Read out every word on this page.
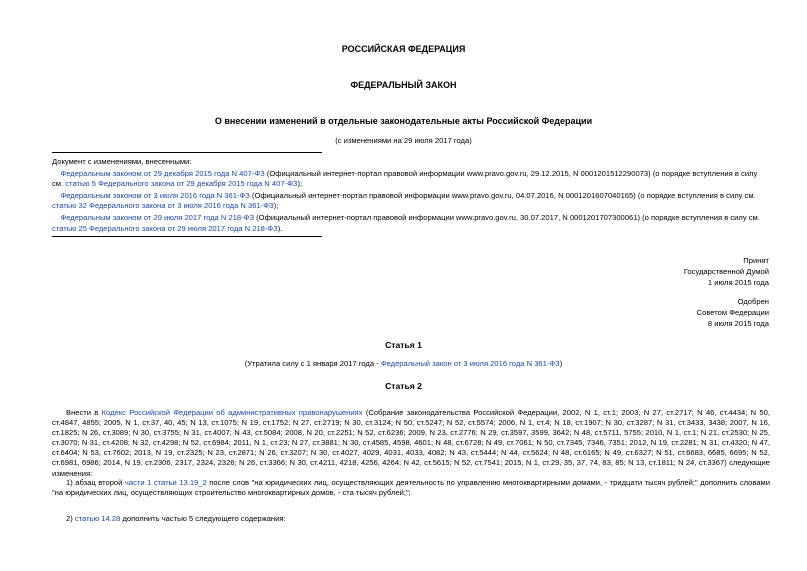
РОССИЙСКАЯ ФЕДЕРАЦИЯ
ФЕДЕРАЛЬНЫЙ ЗАКОН
О внесении изменений в отдельные законодательные акты Российской Федерации
(с изменениями на 29 июля 2017 года)

Документ с изменениями, внесенными:

Федеральным законом от 29 декабря 2015 года N 407-ФЗ (Официальный интернет-портал правовой информации www.pravo.gov.ru, 29.12.2015, N 0001201512290073) (о порядке вступления в силу см. статью 5 Федерального закона от 29 декабря 2015 года N 407-ФЗ);

Федеральным законом от 3 июля 2016 года N 361-ФЗ (Официальный интернет-портал правовой информации www.pravo.gov.ru, 04.07.2016, N 0001201607040165) (о порядке вступления в силу см. статью 32 Федерального закона от 3 июля 2016 года N 361-ФЗ);

Федеральным законом от 29 июля 2017 года N 218-ФЗ (Официальный интернет-портал правовой информации www.pravo.gov.ru, 30.07.2017, N 0001201707300061) (о порядке вступления в силу см. статью 25 Федерального закона от 29 июля 2017 года N 218-ФЗ).

Принят
Государственной Думой
1 июля 2015 года
Одобрен
Советом Федерации
8 июля 2015 года
Статья 1
(Утратила силу с 1 января 2017 года - Федеральный закон от 3 июля 2016 года N 361-ФЗ)
Статья 2

Внести в Кодекс Российской Федерации об административных правонарушениях (Собрание законодательства Российской Федерации, 2002, N 1, ст.1; 2003, N 27, ст.2717; N 46, ст.4434; N 50, ст.4847, 4855; 2005, N 1, ст.37, 40, 45; N 13, ст.1075; N 19, ст.1752; N 27, ст.2719; N 30, ст.3124; N 50, ст.5247; N 52, ст.5574; 2006, N 1, ст.4; N 18, ст.1907; N 30, ст.3287; N 31, ст.3433, 3438; 2007, N 16, ст.1825; N 26, ст.3089; N 30, ст.3755; N 31, ст.4007; N 43, ст.5084; 2008, N 20, ст.2251; N 52, ст.6236; 2009, N 23, ст.2776; N 29, ст.3597, 3599, 3642; N 48, ст.5711, 5755; 2010, N 1, ст.1; N 21, ст.2530; N 25, ст.3070; N 31, ст.4208; N 32, ст.4298; N 52, ст.6984; 2011, N 1, ст.23; N 27, ст.3881; N 30, ст.4585, 4598, 4601; N 48, ст.6728; N 49, ст.7061; N 50, ст.7345, 7346, 7351; 2012, N 19, ст.2281; N 31, ст.4320; N 47, ст.6404; N 53, ст.7602; 2013, N 19, ст.2325; N 23, ст.2871; N 26, ст.3207; N 30, ст.4027, 4029, 4031, 4033, 4082; N 43, ст.5444; N 44, ст.5624; N 48, ст.6165; N 49, ст.6327; N 51, ст.6683, 6685, 6695; N 52, ст.6981, 6986; 2014, N 19, ст.2306, 2317, 2324, 2326; N 26, ст.3366; N 30, ст.4211, 4218, 4256, 4264; N 42, ст.5615; N 52, ст.7541; 2015, N 1, ст.29, 35, 37, 74, 83, 85; N 13, ст.1811; N 24, ст.3367) следующие изменения:

1) абзац второй части 1 статьи 13.19_2 после слов "на юридических лиц, осуществляющих деятельность по управлению многоквартирными домами, - тридцати тысяч рублей;" дополнить словами "на юридических лиц, осуществляющих строительство многоквартирных домов, - ста тысяч рублей;";

2) статью 14.28 дополнить частью 5 следующего содержания:
